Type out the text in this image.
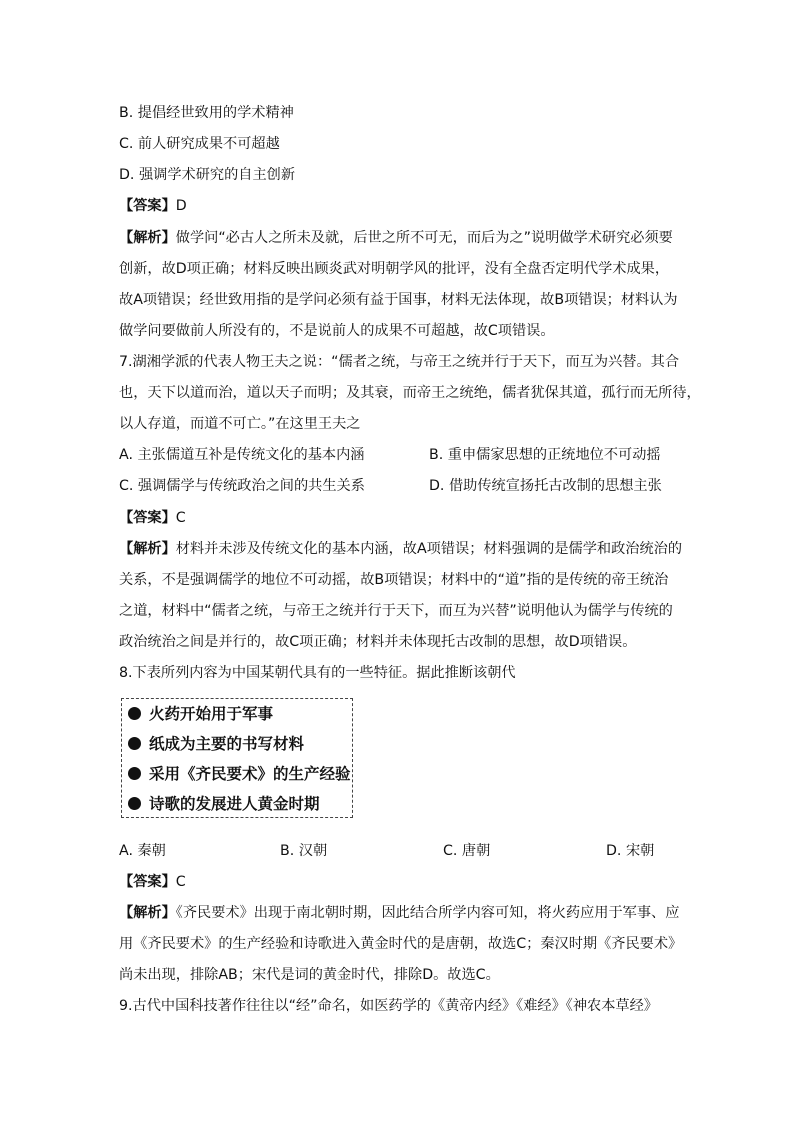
B. 提倡经世致用的学术精神
C. 前人研究成果不可超越
D. 强调学术研究的自主创新
【答案】D
【解析】做学问“必古人之所未及就，后世之所不可无，而后为之”说明做学术研究必须要
创新，故D项正确；材料反映出顾炎武对明朝学风的批评，没有全盘否定明代学术成果，
故A项错误；经世致用指的是学问必须有益于国事，材料无法体现，故B项错误；材料认为
做学问要做前人所没有的，不是说前人的成果不可超越，故C项错误。
7.湖湘学派的代表人物王夫之说：“儒者之统，与帝王之统并行于天下，而互为兴替。其合
也，天下以道而治，道以天子而明；及其衰，而帝王之统绝，儒者犹保其道，孤行而无所待，
以人存道，而道不可亡。”在这里王夫之
A. 主张儒道互补是传统文化的基本内涵	B. 重申儒家思想的正统地位不可动摇
C. 强调儒学与传统政治之间的共生关系	D. 借助传统宣扬托古改制的思想主张
【答案】C
【解析】材料并未涉及传统文化的基本内涵，故A项错误；材料强调的是儒学和政治统治的
关系，不是强调儒学的地位不可动摇，故B项错误；材料中的“道”指的是传统的帝王统治
之道，材料中“儒者之统，与帝王之统并行于天下，而互为兴替”说明他认为儒学与传统的
政治统治之间是并行的，故C项正确；材料并未体现托古改制的思想，故D项错误。
8.下表所列内容为中国某朝代具有的一些特征。据此推断该朝代
火药开始用于军事
纸成为主要的书写材料
采用《齐民要术》的生产经验
诗歌的发展进人黄金时期
A. 秦朝	B. 汉朝	C. 唐朝	D. 宋朝
【答案】C
【解析】《齐民要术》出现于南北朝时期，因此结合所学内容可知，将火药应用于军事、应
用《齐民要术》的生产经验和诗歌进入黄金时代的是唐朝，故选C；秦汉时期《齐民要术》
尚未出现，排除AB；宋代是词的黄金时代，排除D。故选C。
9.古代中国科技著作往往以“经”命名，如医药学的《黄帝内经》《难经》《神农本草经》
